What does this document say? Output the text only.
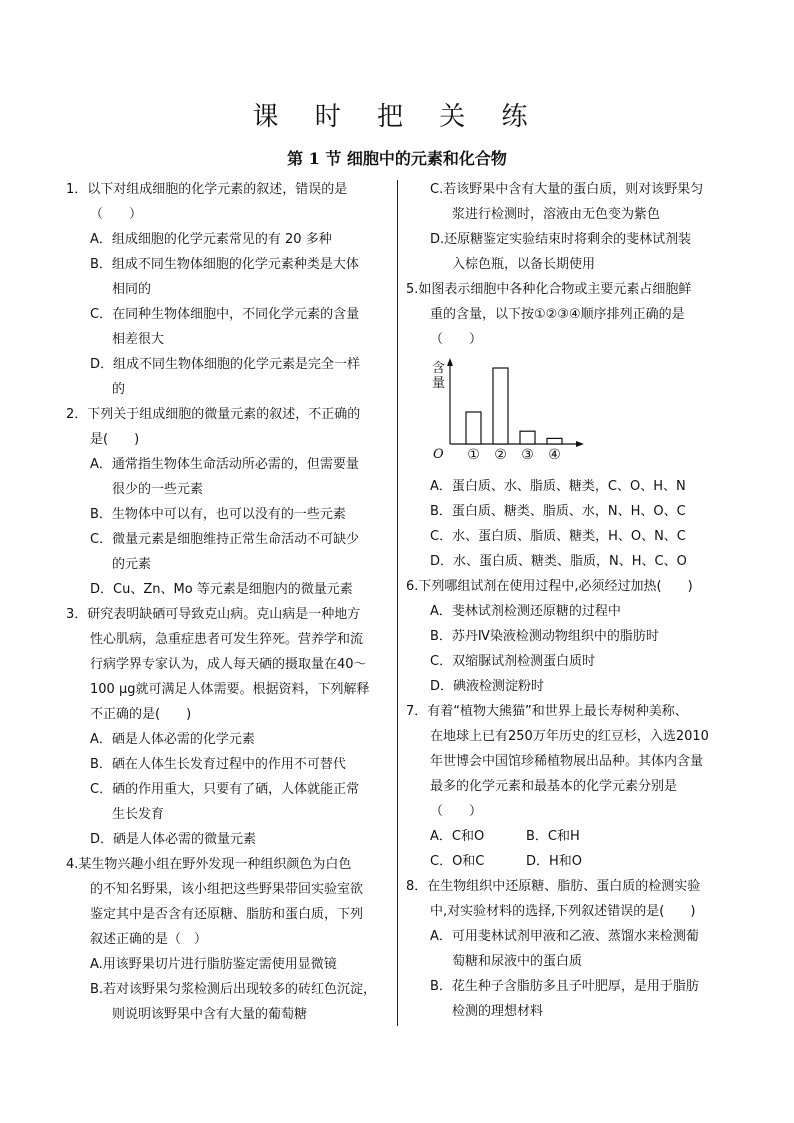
课 时 把 关 练
第 1 节 细胞中的元素和化合物
1．以下对组成细胞的化学元素的叙述，错误的是
（　　）
A．组成细胞的化学元素常见的有 20 多种
B．组成不同生物体细胞的化学元素种类是大体
相同的
C．在同种生物体细胞中，不同化学元素的含量
相差很大
D．组成不同生物体细胞的化学元素是完全一样
的
2．下列关于组成细胞的微量元素的叙述，不正确的
是(　　)
A．通常指生物体生命活动所必需的，但需要量
很少的一些元素
B．生物体中可以有，也可以没有的一些元素
C．微量元素是细胞维持正常生命活动不可缺少
的元素
D．Cu、Zn、Mo 等元素是细胞内的微量元素
3．研究表明缺硒可导致克山病。克山病是一种地方
性心肌病，急重症患者可发生猝死。营养学和流
行病学界专家认为，成人每天硒的摄取量在40～
100 μg就可满足人体需要。根据资料，下列解释
不正确的是(　　)
A．硒是人体必需的化学元素
B．硒在人体生长发育过程中的作用不可替代
C．硒的作用重大，只要有了硒，人体就能正常
生长发育
D．硒是人体必需的微量元素
4.某生物兴趣小组在野外发现一种组织颜色为白色
的不知名野果，该小组把这些野果带回实验室欲
鉴定其中是否含有还原糖、脂肪和蛋白质，下列
叙述正确的是（　）
A.用该野果切片进行脂肪鉴定需使用显微镜
B.若对该野果匀浆检测后出现较多的砖红色沉淀，
则说明该野果中含有大量的葡萄糖
C.若该野果中含有大量的蛋白质，则对该野果匀
浆进行检测时，溶液由无色变为紫色
D.还原糖鉴定实验结束时将剩余的斐林试剂装
入棕色瓶，以备长期使用
5.如图表示细胞中各种化合物或主要元素占细胞鲜
重的含量，以下按①②③④顺序排列正确的是
（　　）
含量
O ① ② ③ ④
A．蛋白质、水、脂质、糖类，C、O、H、N
B．蛋白质、糖类、脂质、水，N、H、O、C
C．水、蛋白质、脂质、糖类，H、O、N、C
D．水、蛋白质、糖类、脂质，N、H、C、O
6.下列哪组试剂在使用过程中,必须经过加热(　　)
A．斐林试剂检测还原糖的过程中
B．苏丹Ⅳ染液检测动物组织中的脂肪时
C．双缩脲试剂检测蛋白质时
D．碘液检测淀粉时
7．有着“植物大熊猫”和世界上最长寿树种美称、
在地球上已有250万年历史的红豆杉，入选2010
年世博会中国馆珍稀植物展出品种。其体内含量
最多的化学元素和最基本的化学元素分别是
（　　）
A．C和O	B．C和H
C．O和C	D．H和O
8．在生物组织中还原糖、脂肪、蛋白质的检测实验
中,对实验材料的选择,下列叙述错误的是(　　)
A．可用斐林试剂甲液和乙液、蒸馏水来检测葡
萄糖和尿液中的蛋白质
B．花生种子含脂肪多且子叶肥厚，是用于脂肪
检测的理想材料
